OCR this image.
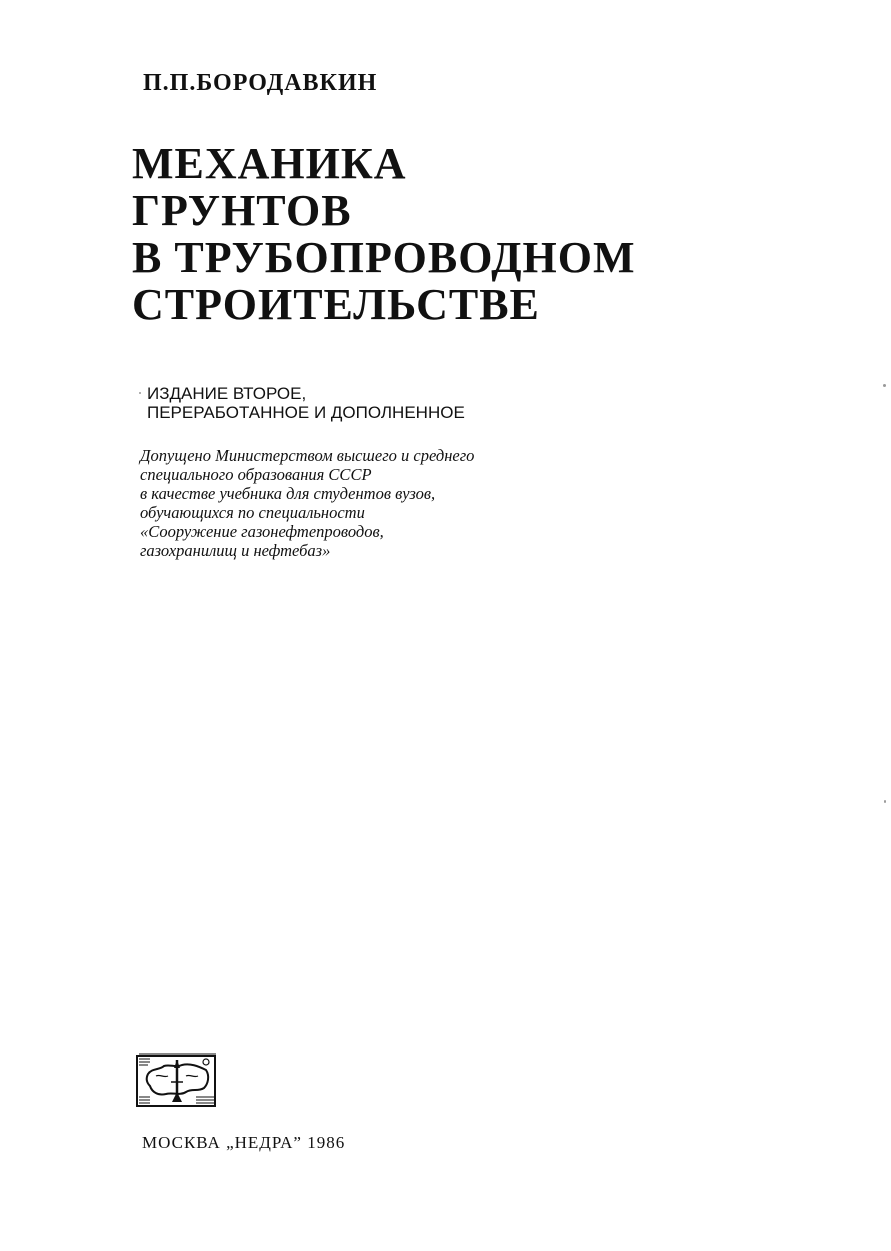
П.П.БОРОДАВКИН

МЕХАНИКА
ГРУНТОВ
В ТРУБОПРОВОДНОМ
СТРОИТЕЛЬСТВЕ

ИЗДАНИЕ ВТОРОЕ,
ПЕРЕРАБОТАННОЕ И ДОПОЛНЕННОЕ

Допущено Министерством высшего и среднего
специального образования СССР
в качестве учебника для студентов вузов,
обучающихся по специальности
«Сооружение газонефтепроводов,
газохранилищ и нефтебаз»

МОСКВА „НЕДРА” 1986
